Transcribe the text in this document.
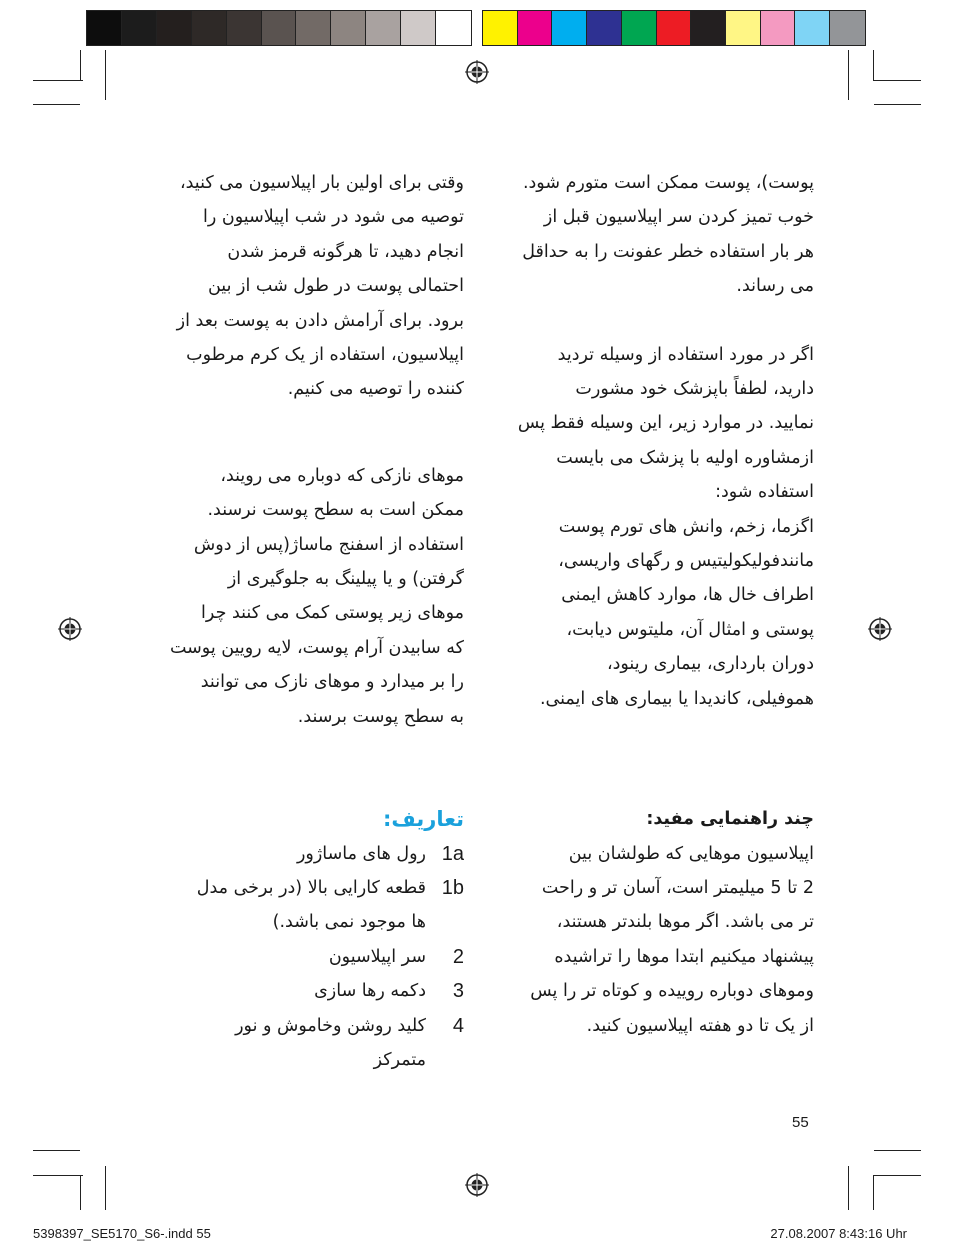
پوست)، پوست ممکن است متورم شود.

خوب تمیز کردن سر اپیلاسیون قبل از

هر بار استفاده خطر عفونت را به حداقل

می رساند.

اگر در مورد استفاده از وسیله تردید

دارید، لطفاً باپزشک خود مشورت

نمایید. در موارد زیر، این وسیله فقط پس

ازمشاوره اولیه با پزشک می بایست

استفاده شود:

اگزما، زخم، وانش های تورم پوست

مانندفولیکولیتیس و رگهای واریسی،

اطراف خال ها، موارد کاهش ایمنی

پوستی و امثال آن، ملیتوس دیابت،

دوران بارداری، بیماری رینود،

هموفیلی، کاندیدا یا بیماری های ایمنی.

چند راهنمایی مفید:

اپیلاسیون موهایی که طولشان بین

2 تا 5 میلیمتر است، آسان تر و راحت

تر می باشد. اگر موها بلندتر هستند،

پیشنهاد میکنیم ابتدا موها را تراشیده

وموهای دوباره روییده و کوتاه تر را پس

از یک تا دو هفته اپیلاسیون کنید.

وقتی برای اولین بار اپیلاسیون می کنید،

توصیه می شود در شب اپیلاسیون را

انجام دهید، تا هرگونه قرمز شدن

احتمالی پوست در طول شب از بین

برود. برای آرامش دادن به پوست بعد از

اپیلاسیون، استفاده از یک کرم مرطوب

کننده را توصیه می کنیم.

موهای نازکی که دوباره می رویند،

ممکن است به سطح پوست نرسند.

استفاده از اسفنج ماساژ(پس از دوش

گرفتن) و یا پیلینگ به جلوگیری از

موهای زیر پوستی کمک می کنند چرا

که سابیدن آرام پوست، لایه رویین پوست

را بر میدارد و موهای نازک می توانند

به سطح پوست برسند.

تعاریف:

1a

رول های ماساژور

1b

قطعه کارایی بالا (در برخی مدل

ها موجود نمی باشد.)

2

سر اپیلاسیون

3

دکمه رها سازی

4

کلید روشن وخاموش و نور

متمرکز

55
5398397_SE5170_S6-.indd 55	27.08.2007 8:43:16 Uhr
